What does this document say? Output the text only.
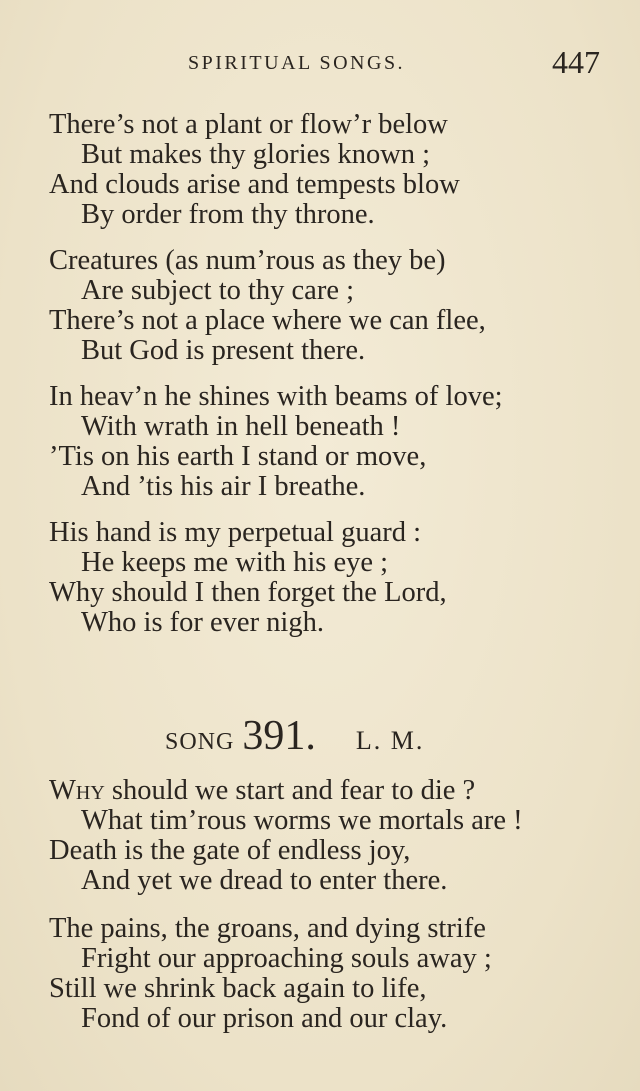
SPIRITUAL SONGS.	447
There’s not a plant or flow’r below
But makes thy glories known ;
And clouds arise and tempests blow
By order from thy throne.
Creatures (as num’rous as they be)
Are subject to thy care ;
There’s not a place where we can flee,
But God is present there.
In heav’n he shines with beams of love;
With wrath in hell beneath !
’Tis on his earth I stand or move,
And ’tis his air I breathe.
His hand is my perpetual guard :
He keeps me with his eye ;
Why should I then forget the Lord,
Who is for ever nigh.
SONG 391. L. M.
Why should we start and fear to die ?
What tim’rous worms we mortals are !
Death is the gate of endless joy,
And yet we dread to enter there.
The pains, the groans, and dying strife
Fright our approaching souls away ;
Still we shrink back again to life,
Fond of our prison and our clay.
